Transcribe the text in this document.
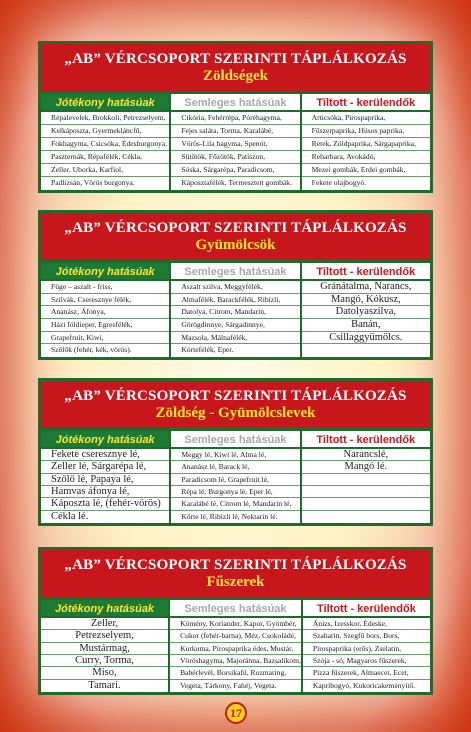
„AB” VÉRCSOPORT SZERINTI TÁPLÁLKOZÁS
Zöldségek
Jótékony hatásúak
Répalevelek, Brokkoli, Petrezselyem,
Kelkáposzta, Gyermekláncfű,
Fokhagyma, Csicsóka, Édesburgonya,
Paszternák, Répafélék, Cékla,
Zeller, Uborka, Karfiol,
Padlizsán, Vörös burgonya.
Semleges hatásúak
Cikória, Fehérrépa, Póréhagyma,
Fejes saláta, Torma, Karalábé,
Vörös-Lila hagyma, Spenót,
Sütőtök, Főzőtök, Patiszon,
Sóska, Sárgarépa, Paradicsom,
Káposztafélék, Termesztett gombák.
Tiltott - kerülendők
Articsóka, Pirospaprika,
Fűszerpaprika, Húsos paprika,
Retek, Zöldpaprika, Sárgapaprika,
Rebarbara, Avokádó,
Mezei gombák, Erdei gombák,
Fekete olajbogyó.
„AB” VÉRCSOPORT SZERINTI TÁPLÁLKOZÁS
Gyümölcsök
Jótékony hatásúak
Füge – aszalt - friss,
Szilvák, Cseresznye félék,
Ananász, Áfonya,
Házi földieper, Egresfélék,
Grapefruit, Kiwi,
Szőlők (fehér, kék, vörös).
Semleges hatásúak
Aszalt szilva, Meggyfélék,
Almafélék, Barackfélék, Ribizli,
Datolya, Citrom, Mandarin,
Görögdinnye, Sárgadinnye,
Mazsola, Málnafélék,
Körtefélék, Eper.
Tiltott - kerülendők
Gránátalma, Narancs,
Mangó, Kókusz,
Datolyaszilva,
Banán,
Csillaggyümölcs.

„AB” VÉRCSOPORT SZERINTI TÁPLÁLKOZÁS
Zöldség - Gyümölcslevek
Jótékony hatásúak
Fekete cseresznye lé,
Zeller lé, Sárgarépa lé,
Szőlő lé, Papaya lé,
Hamvas áfonya lé,
Káposzta lé, (fehér-vörös)
Cékla lé.
Semleges hatásúak
Meggy lé, Kiwi lé, Alma lé,
Ananász lé, Barack lé,
Paradicsom lé, Grapefruit lé,
Répa lé, Burgonya lé, Eper lé,
Karalábé lé, Citrom lé, Mandarin lé,
Körte lé, Ribizli lé, Nektarin lé.
Tiltott - kerülendők
Narancslé,
Mangó lé.

„AB” VÉRCSOPORT SZERINTI TÁPLÁLKOZÁS
Fűszerek
Jótékony hatásúak
Zeller,
Petrezselyem,
Mustármag,
Curry, Torma,
Miso,
Tamari.
Semleges hatásúak
Kömény, Koriander, Kapor, Gyömbér,
Cukor (fehér-barna), Méz, Csokoládé,
Kurkuma, Pirospaprika édes, Mustár,
Vöröshagyma, Majoránna, Bazsalikom,
Babérlevél, Borsikafű, Rozmaring,
Vegeta, Tárkony, Fahéj, Vegeta.
Tiltott - kerülendők
Ánizs, Izesskor, Édeske,
Szaharin, Szegfű bors, Bors,
Pirospaprika (erős), Zselatin,
Szója - só, Magyaros fűszerek,
Pizza fűszerek, Almaecet, Ecet,
Kapribogyó, Kukoricakeményítő.
17
